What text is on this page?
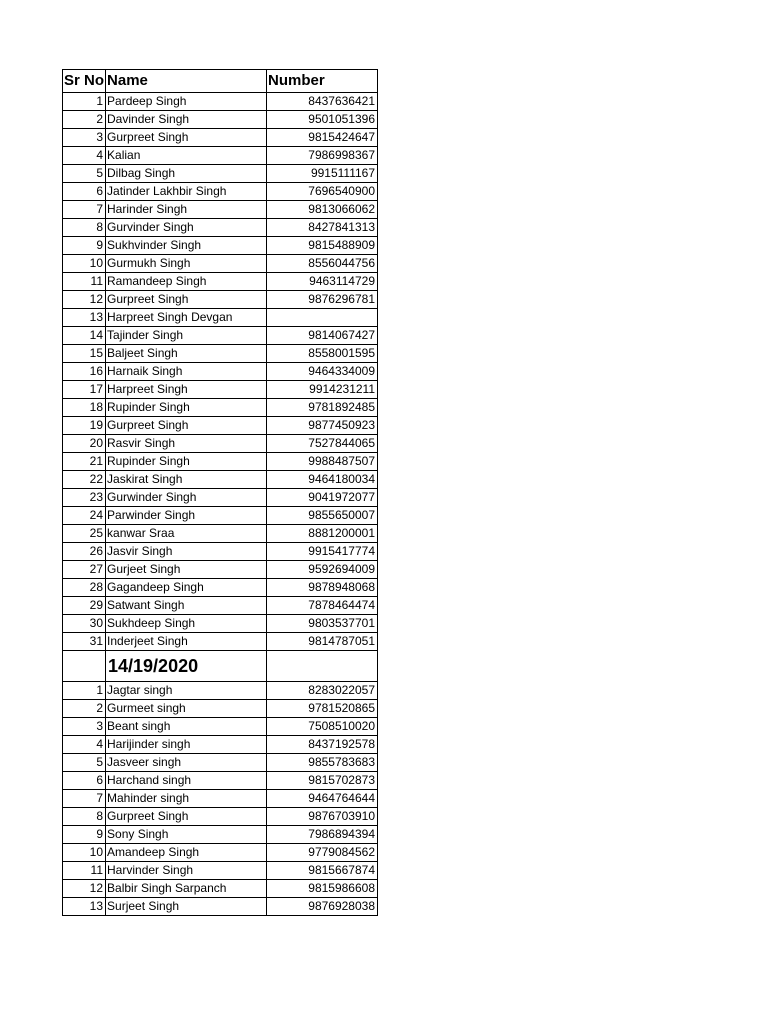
Sr No	Name	Number
1	Pardeep Singh	8437636421
2	Davinder Singh	9501051396
3	Gurpreet Singh	9815424647
4	Kalian	7986998367
5	Dilbag Singh	9915111167
6	Jatinder Lakhbir Singh	7696540900
7	Harinder Singh	9813066062
8	Gurvinder Singh	8427841313
9	Sukhvinder Singh	9815488909
10	Gurmukh Singh	8556044756
11	Ramandeep Singh	9463114729
12	Gurpreet Singh	9876296781
13	Harpreet Singh Devgan	
14	Tajinder Singh	9814067427
15	Baljeet Singh	8558001595
16	Harnaik Singh	9464334009
17	Harpreet Singh	9914231211
18	Rupinder Singh	9781892485
19	Gurpreet Singh	9877450923
20	Rasvir Singh	7527844065
21	Rupinder Singh	9988487507
22	Jaskirat Singh	9464180034
23	Gurwinder Singh	9041972077
24	Parwinder Singh	9855650007
25	kanwar Sraa	8881200001
26	Jasvir Singh	9915417774
27	Gurjeet Singh	9592694009
28	Gagandeep Singh	9878948068
29	Satwant Singh	7878464474
30	Sukhdeep Singh	9803537701
31	Inderjeet Singh	9814787051
	14/19/2020	
1	Jagtar singh	8283022057
2	Gurmeet singh	9781520865
3	Beant singh	7508510020
4	Harijinder singh	8437192578
5	Jasveer singh	9855783683
6	Harchand singh	9815702873
7	Mahinder singh	9464764644
8	Gurpreet Singh	9876703910
9	Sony Singh	7986894394
10	Amandeep Singh	9779084562
11	Harvinder Singh	9815667874
12	Balbir Singh Sarpanch	9815986608
13	Surjeet Singh	9876928038
